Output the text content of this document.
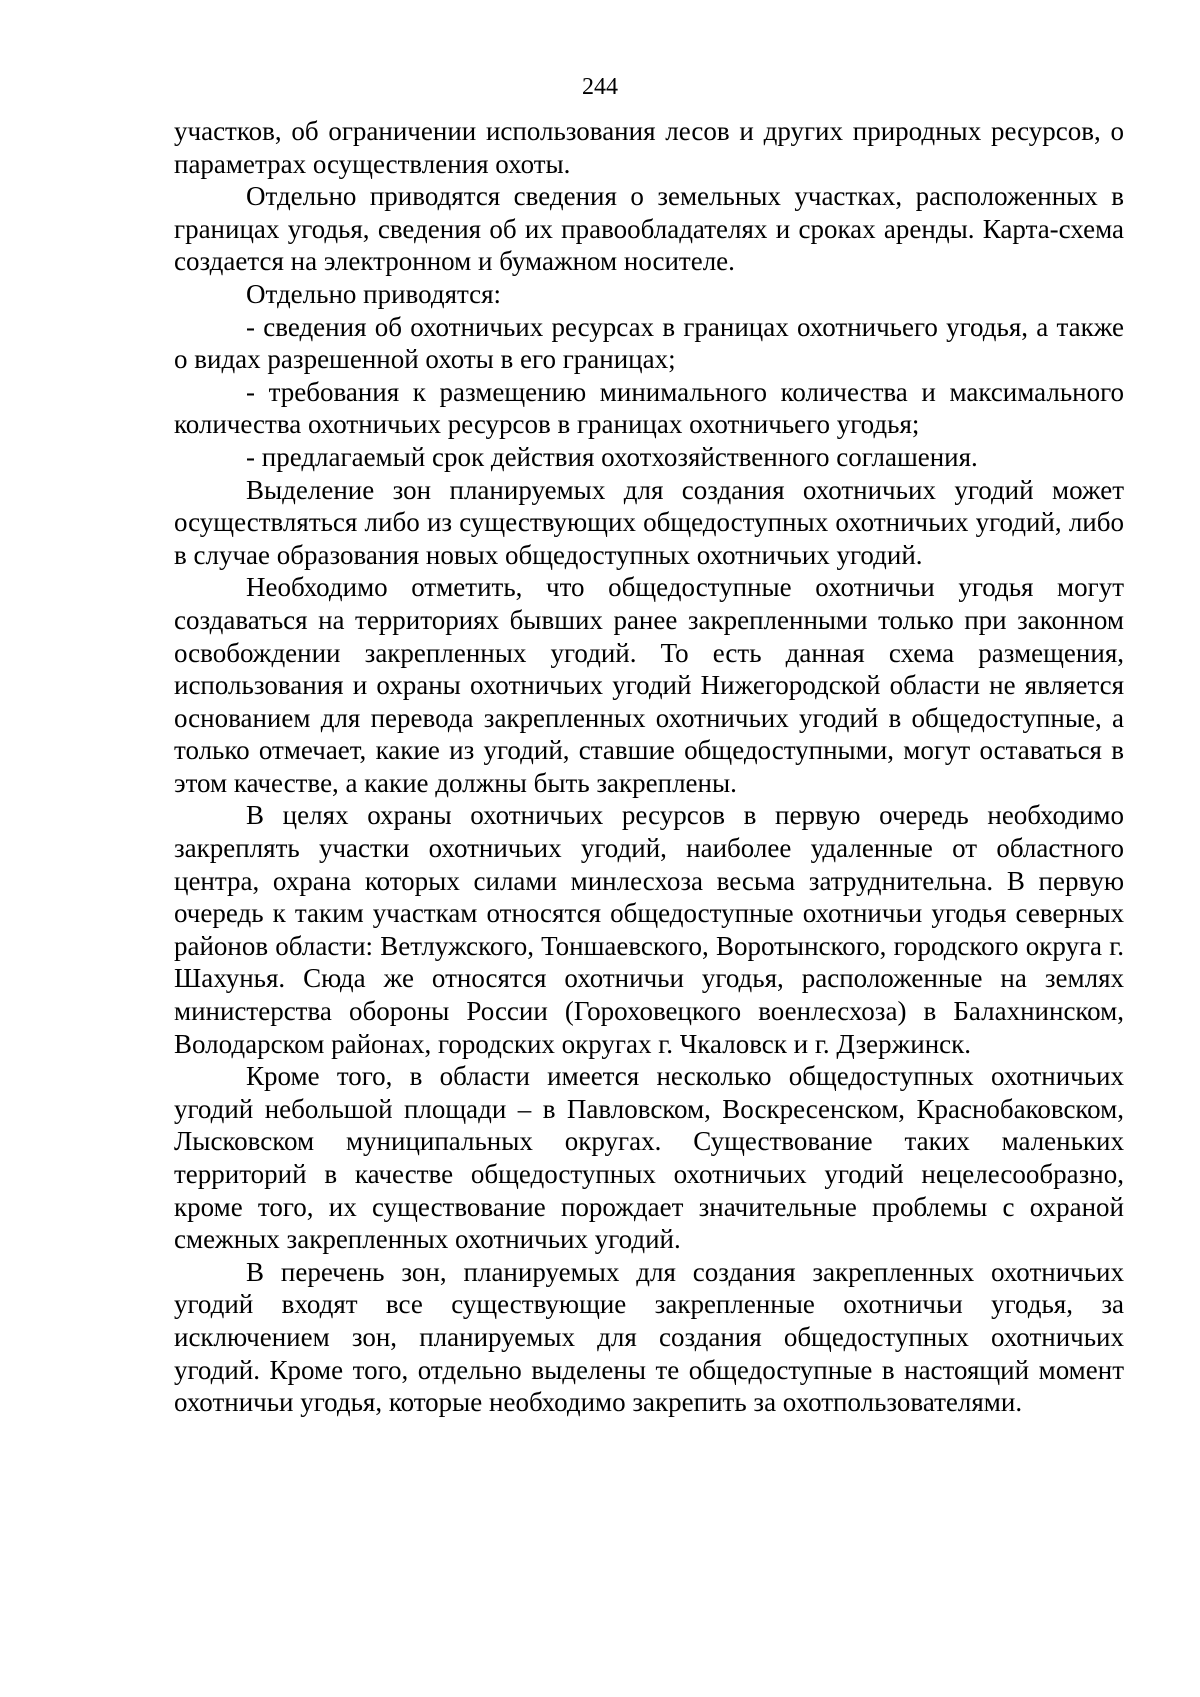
244

участков, об ограничении использования лесов и других природных ресурсов, о параметрах осуществления охоты.

Отдельно приводятся сведения о земельных участках, расположенных в границах угодья, сведения об их правообладателях и сроках аренды. Карта-схема создается на электронном и бумажном носителе.

Отдельно приводятся:

- сведения об охотничьих ресурсах в границах охотничьего угодья, а также о видах разрешенной охоты в его границах;

- требования к размещению минимального количества и максимального количества охотничьих ресурсов в границах охотничьего угодья;

- предлагаемый срок действия охотхозяйственного соглашения.

Выделение зон планируемых для создания охотничьих угодий может осуществляться либо из существующих общедоступных охотничьих угодий, либо в случае образования новых общедоступных охотничьих угодий.

Необходимо отметить, что общедоступные охотничьи угодья могут создаваться на территориях бывших ранее закрепленными только при законном освобождении закрепленных угодий. То есть данная схема размещения, использования и охраны охотничьих угодий Нижегородской области не является основанием для перевода закрепленных охотничьих угодий в общедоступные, а только отмечает, какие из угодий, ставшие общедоступными, могут оставаться в этом качестве, а какие должны быть закреплены.

В целях охраны охотничьих ресурсов в первую очередь необходимо закреплять участки охотничьих угодий, наиболее удаленные от областного центра, охрана которых силами минлесхоза весьма затруднительна. В первую очередь к таким участкам относятся общедоступные охотничьи угодья северных районов области: Ветлужского, Тоншаевского, Воротынского, городского округа г. Шахунья. Сюда же относятся охотничьи угодья, расположенные на землях министерства обороны России (Гороховецкого военлесхоза) в Балахнинском, Володарском районах, городских округах г. Чкаловск и г. Дзержинск.

Кроме того, в области имеется несколько общедоступных охотничьих угодий небольшой площади – в Павловском, Воскресенском, Краснобаковском, Лысковском муниципальных округах. Существование таких маленьких территорий в качестве общедоступных охотничьих угодий нецелесообразно, кроме того, их существование порождает значительные проблемы с охраной смежных закрепленных охотничьих угодий.

В перечень зон, планируемых для создания закрепленных охотничьих угодий входят все существующие закрепленные охотничьи угодья, за исключением зон, планируемых для создания общедоступных охотничьих угодий. Кроме того, отдельно выделены те общедоступные в настоящий момент охотничьи угодья, которые необходимо закрепить за охотпользователями.
